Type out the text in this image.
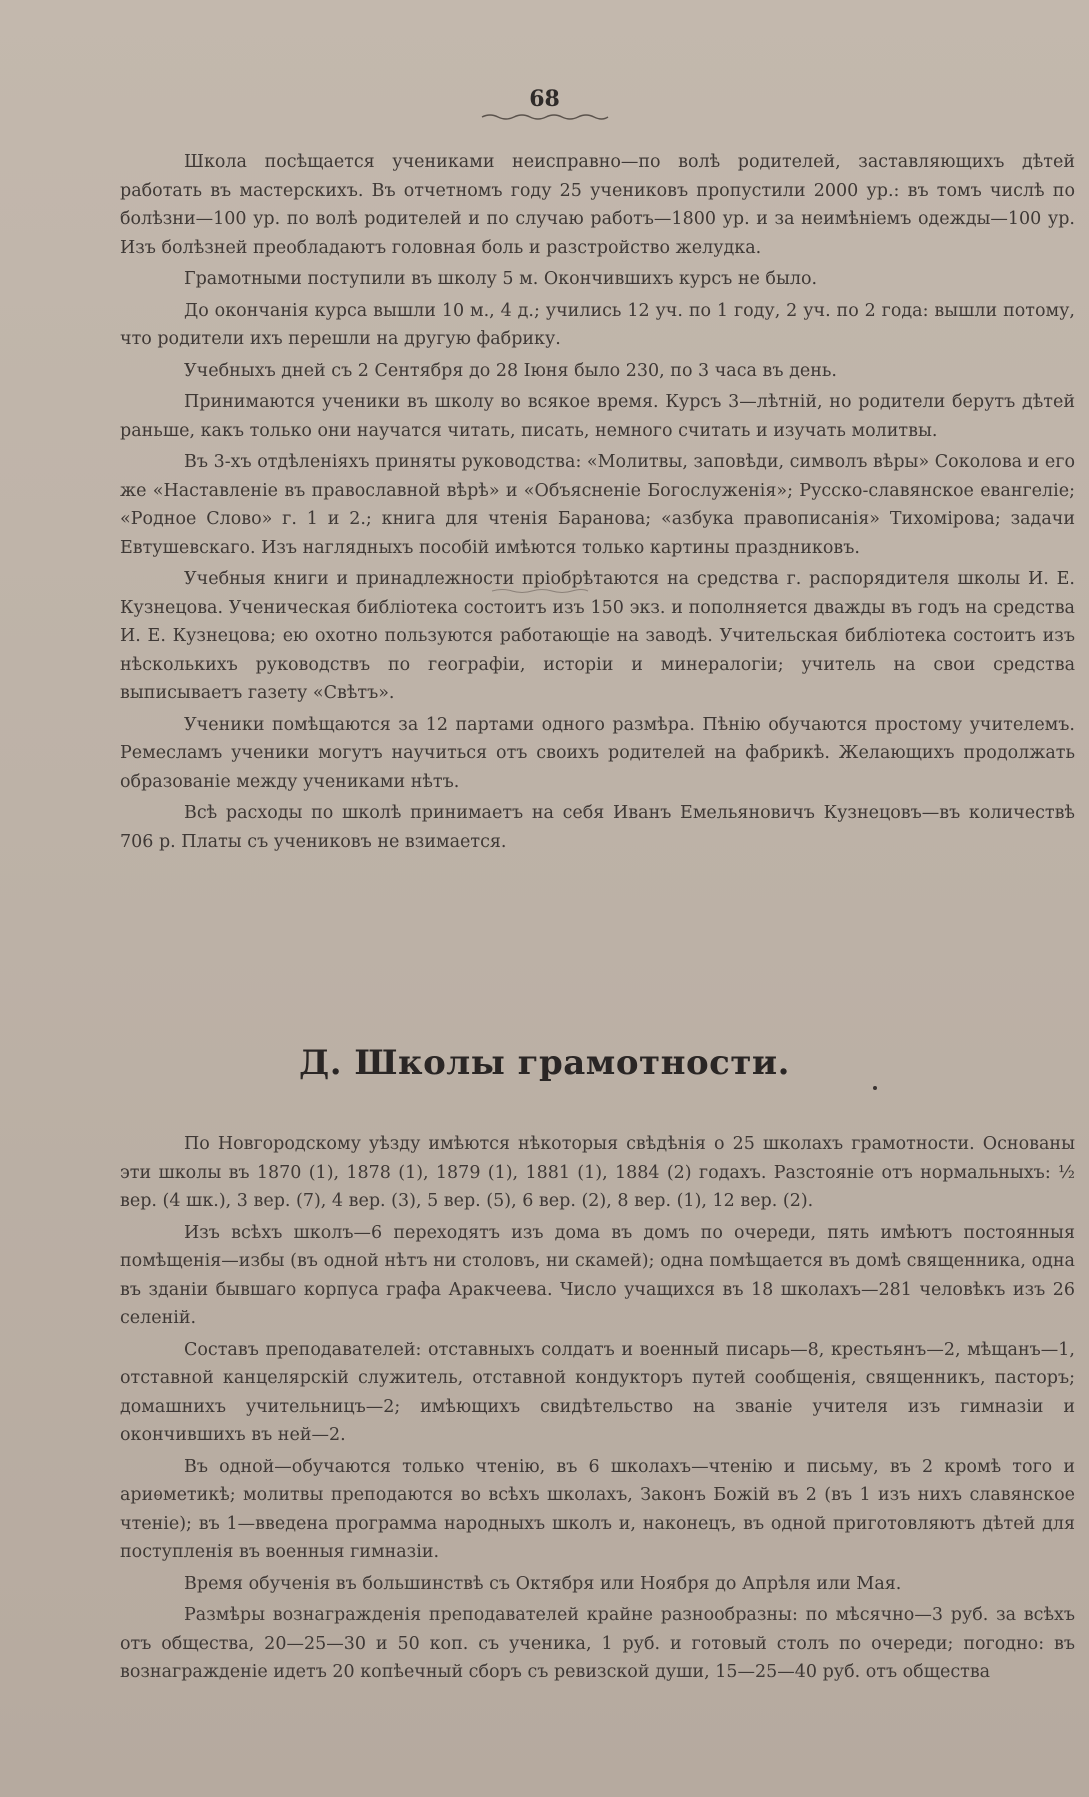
68

Школа посѣщается учениками неисправно—по волѣ родителей, заставляющихъ дѣтей работать въ мастерскихъ. Въ отчетномъ году 25 учениковъ пропустили 2000 ур.: въ томъ числѣ по болѣзни—100 ур. по волѣ родителей и по случаю работъ—1800 ур. и за неимѣніемъ одежды—100 ур. Изъ болѣзней преобладаютъ головная боль и разстройство желудка.

Грамотными поступили въ школу 5 м. Окончившихъ курсъ не было.

До окончанія курса вышли 10 м., 4 д.; учились 12 уч. по 1 году, 2 уч. по 2 года: вышли потому, что родители ихъ перешли на другую фабрику.

Учебныхъ дней съ 2 Сентября до 28 Іюня было 230, по 3 часа въ день.

Принимаются ученики въ школу во всякое время. Курсъ 3—лѣтній, но родители берутъ дѣтей раньше, какъ только они научатся читать, писать, немного считать и изучать молитвы.

Въ 3-хъ отдѣленіяхъ приняты руководства: «Молитвы, заповѣди, символъ вѣры» Соколова и его же «Наставленіе въ православной вѣрѣ» и «Объясненіе Богослуженія»; Русско-славянское евангеліе; «Родное Слово» г. 1 и 2.; книга для чтенія Баранова; «азбука правописанія» Тихоміровa; задачи Евтушевскаго. Изъ наглядныхъ пособій имѣются только картины праздниковъ.

Учебныя книги и принадлежности пріобрѣтаются на средства г. распорядителя школы И. Е. Кузнецова. Ученическая библіотека состоитъ изъ 150 экз. и пополняется дважды въ годъ на средства И. Е. Кузнецова; ею охотно пользуются работающіе на заводѣ. Учительская библіотека состоитъ изъ нѣсколькихъ руководствъ по географіи, исторіи и минералогіи; учитель на свои средства выписываетъ газету «Свѣтъ».

Ученики помѣщаются за 12 партами одного размѣра. Пѣнію обучаются простому учителемъ. Ремесламъ ученики могутъ научиться отъ своихъ родителей на фабрикѣ. Желающихъ продолжать образованіе между учениками нѣтъ.

Всѣ расходы по школѣ принимаетъ на себя Иванъ Емельяновичъ Кузнецовъ—въ количествѣ 706 р. Платы съ учениковъ не взимается.

Д. Школы грамотности.

По Новгородскому уѣзду имѣются нѣкоторыя свѣдѣнія о 25 школахъ грамотности. Основаны эти школы въ 1870 (1), 1878 (1), 1879 (1), 1881 (1), 1884 (2) годахъ. Разстояніе отъ нормальныхъ: ½ вер. (4 шк.), 3 вер. (7), 4 вер. (3), 5 вер. (5), 6 вер. (2), 8 вер. (1), 12 вер. (2).

Изъ всѣхъ школъ—6 переходятъ изъ дома въ домъ по очереди, пять имѣютъ постоянныя помѣщенія—избы (въ одной нѣтъ ни столовъ, ни скамей); одна помѣщается въ домѣ священника, одна въ зданіи бывшаго корпуса графа Аракчеева. Число учащихся въ 18 школахъ—281 человѣкъ изъ 26 селеній.

Составъ преподавателей: отставныхъ солдатъ и военный писарь—8, крестьянъ—2, мѣщанъ—1, отставной канцелярскій служитель, отставной кондукторъ путей сообщенія, священникъ, пасторъ; домашнихъ учительницъ—2; имѣющихъ свидѣтельство на званіе учителя изъ гимназіи и окончившихъ въ ней—2.

Въ одной—обучаются только чтенію, въ 6 школахъ—чтенію и письму, въ 2 кромѣ того и ариѳметикѣ; молитвы преподаются во всѣхъ школахъ, Законъ Божій въ 2 (въ 1 изъ нихъ славянское чтеніе); въ 1—введена программа народныхъ школъ и, наконецъ, въ одной приготовляютъ дѣтей для поступленія въ военныя гимназіи.

Время обученія въ большинствѣ съ Октября или Ноября до Апрѣля или Мая.

Размѣры вознагражденія преподавателей крайне разнообразны: по мѣсячно—3 руб. за всѣхъ отъ общества, 20—25—30 и 50 коп. съ ученика, 1 руб. и готовый столъ по очереди; погодно: въ вознагражденіе идетъ 20 копѣечный сборъ съ ревизской души, 15—25—40 руб. отъ общества
